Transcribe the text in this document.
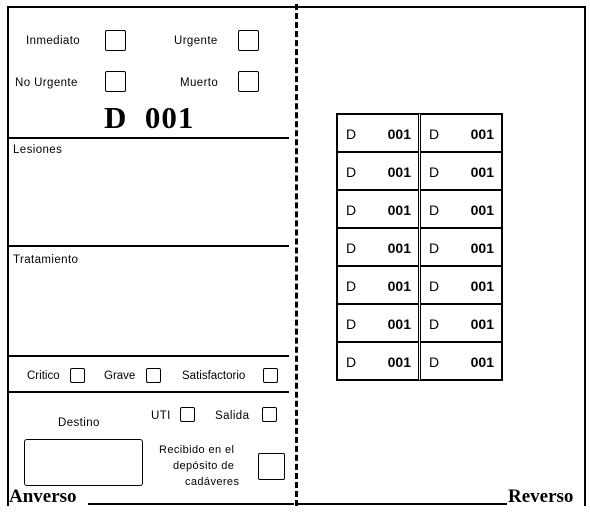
Inmediato	Urgente
No Urgente	Muerto
D  001
Lesiones
Tratamiento
Critico	Grave	Satisfactorio
Destino
UTI	Salida
Recibido en el
depósito de
cadáveres
Anverso	Reverso
D 001 D 001
D 001 D 001
D 001 D 001
D 001 D 001
D 001 D 001
D 001 D 001
D 001 D 001
